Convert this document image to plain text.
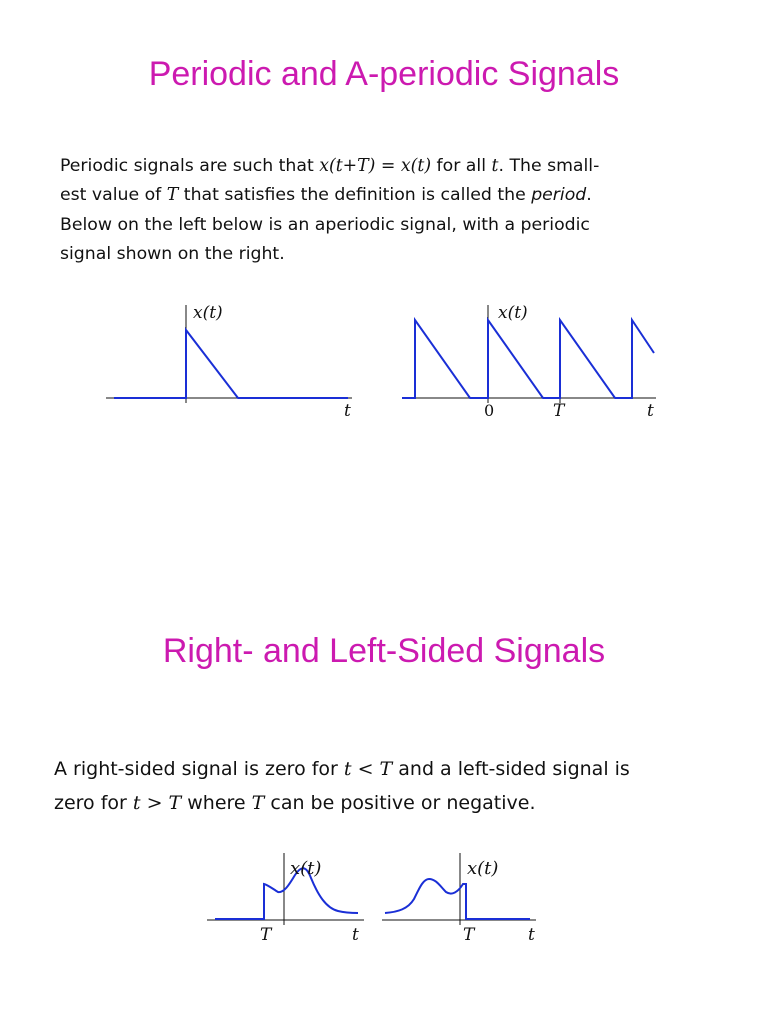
Periodic and A-periodic Signals

Periodic signals are such that x(t+T) = x(t) for all t. The small-
est value of T that satisfies the definition is called the period.
Below on the left below is an aperiodic signal, with a periodic
signal shown on the right.

Right- and Left-Sided Signals

A right-sided signal is zero for t < T and a left-sided signal is
zero for t > T where T can be positive or negative.

x(t)
t
x(t)
0	T	t
x(t)
T	t
x(t)
T	t
